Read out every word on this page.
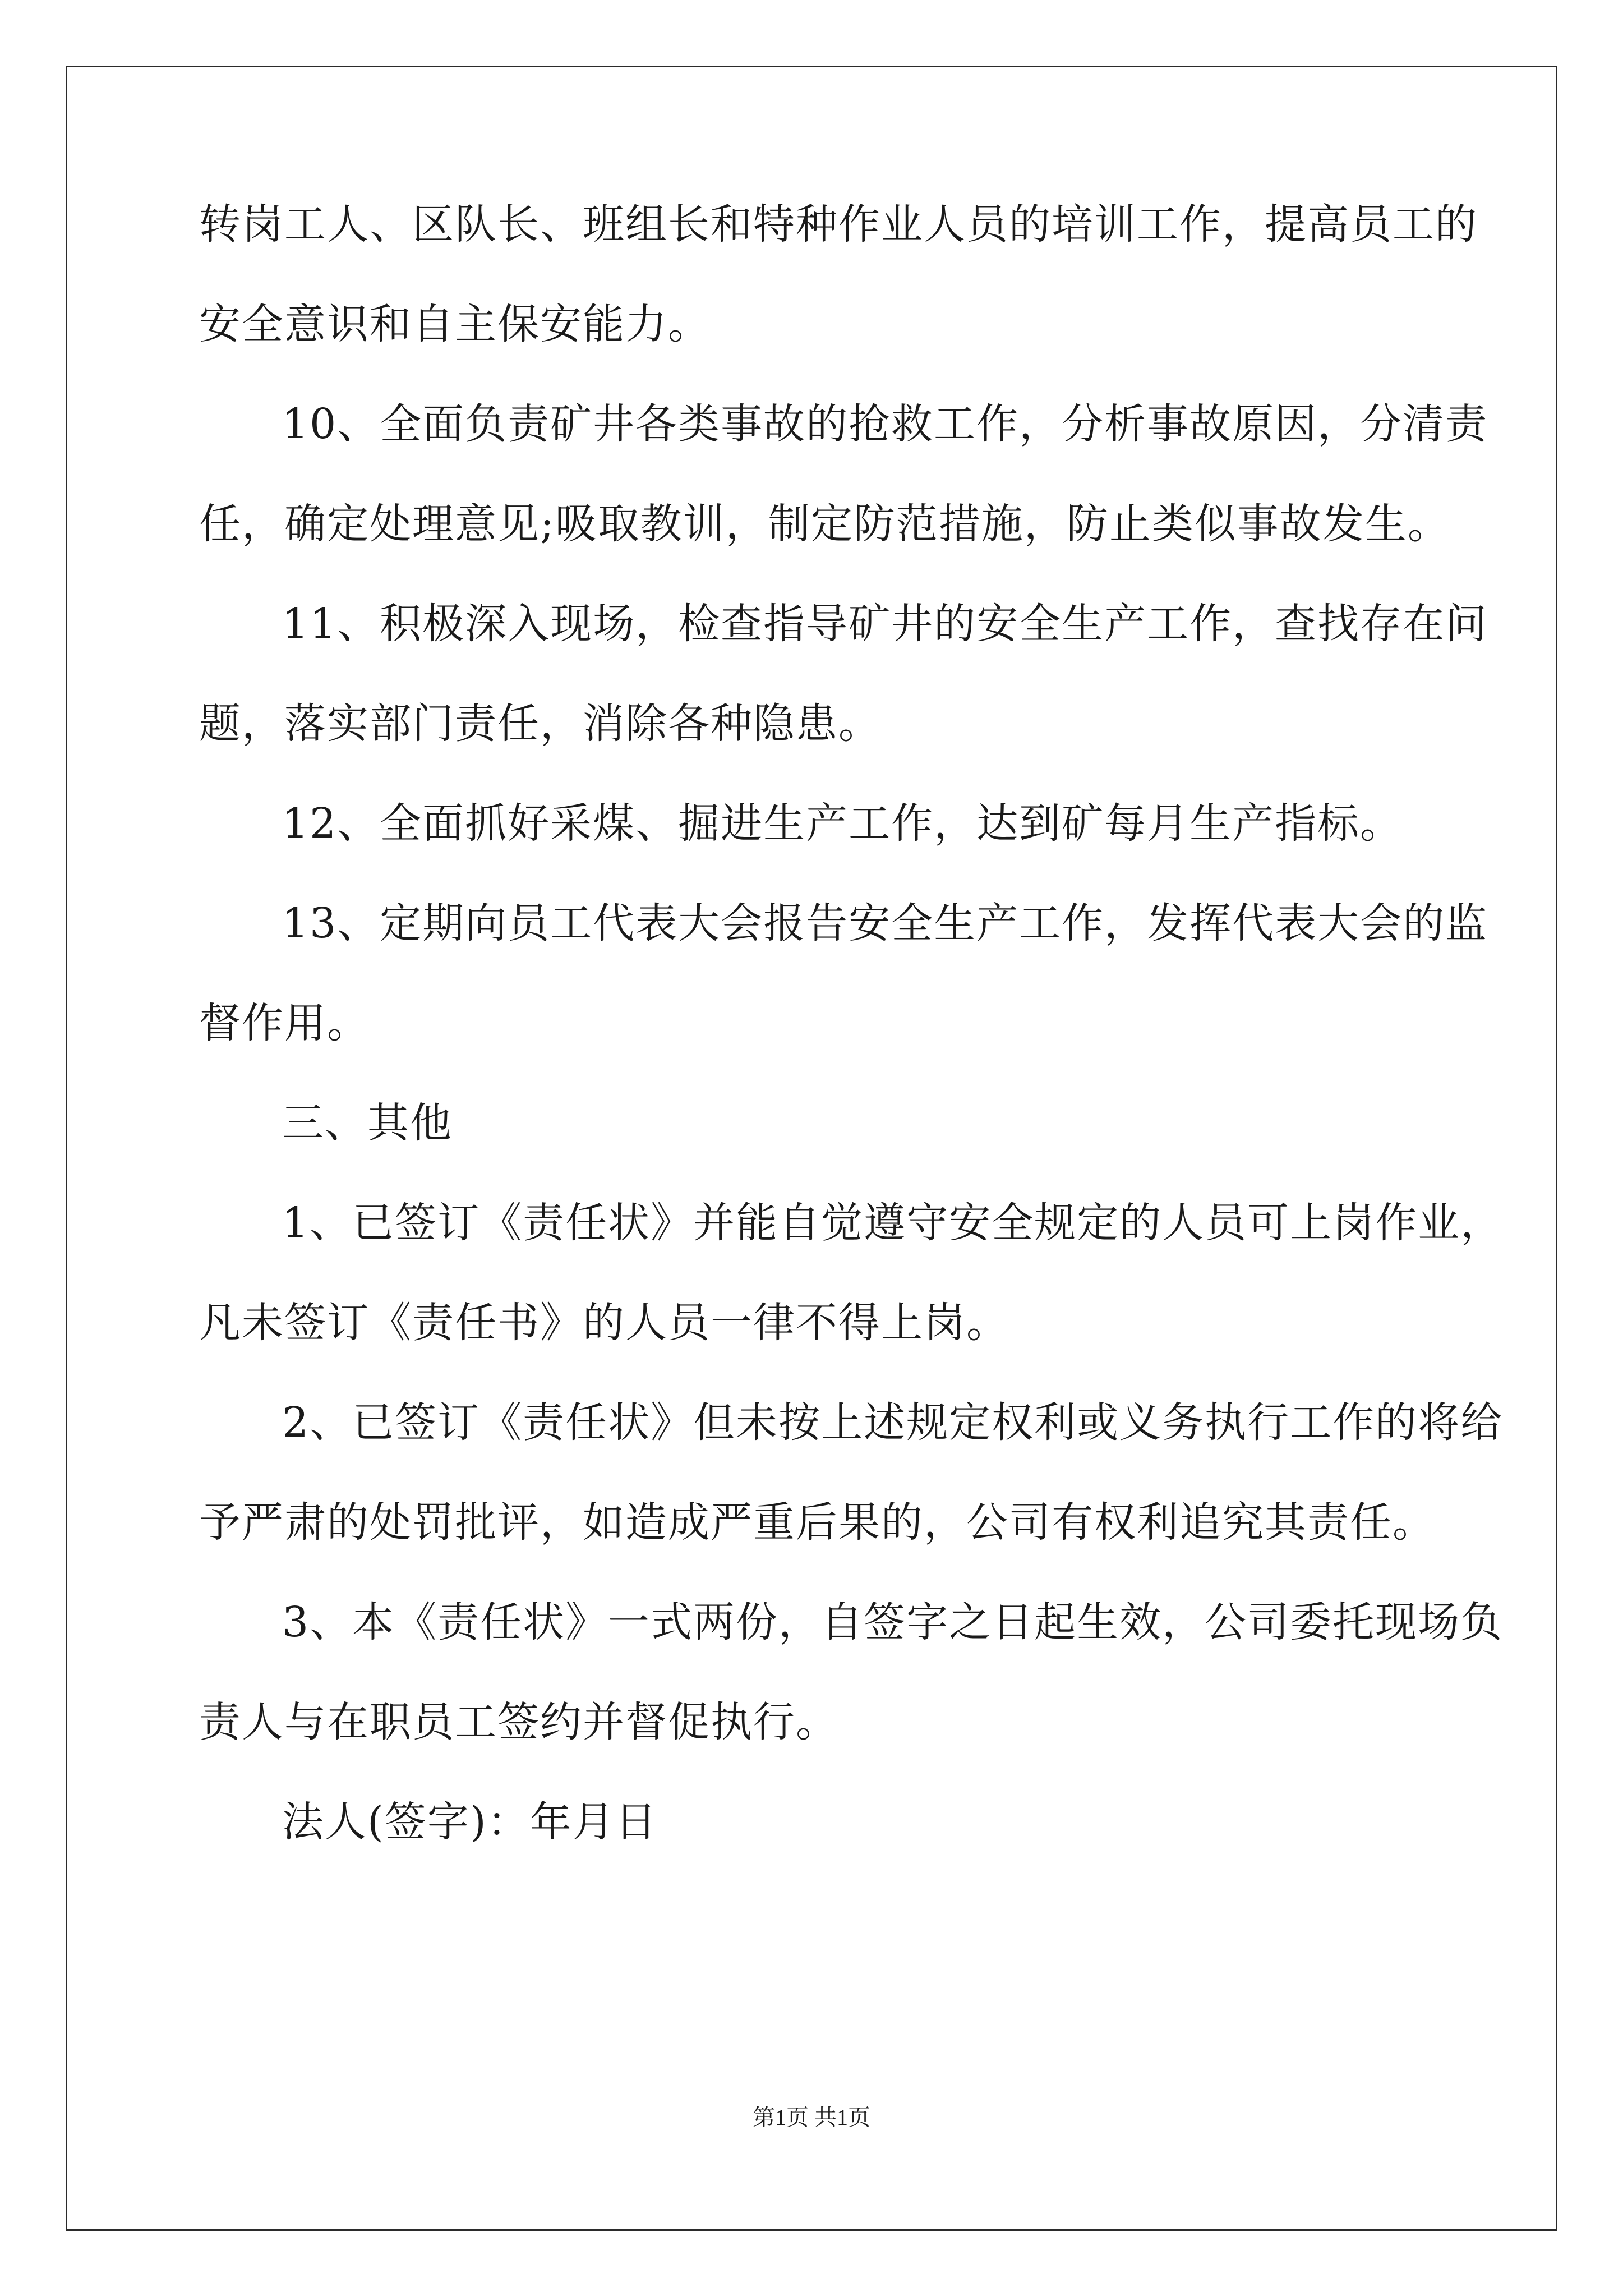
转岗工人、区队长、班组长和特种作业人员的培训工作，提高员工的
安全意识和自主保安能力。
10、全面负责矿井各类事故的抢救工作，分析事故原因，分清责
任，确定处理意见;吸取教训，制定防范措施，防止类似事故发生。
11、积极深入现场，检查指导矿井的安全生产工作，查找存在问
题，落实部门责任，消除各种隐患。
12、全面抓好采煤、掘进生产工作，达到矿每月生产指标。
13、定期向员工代表大会报告安全生产工作，发挥代表大会的监
督作用。
三、其他
1、已签订《责任状》并能自觉遵守安全规定的人员可上岗作业，
凡未签订《责任书》的人员一律不得上岗。
2、已签订《责任状》但未按上述规定权利或义务执行工作的将给
予严肃的处罚批评，如造成严重后果的，公司有权利追究其责任。
3、本《责任状》一式两份，自签字之日起生效，公司委托现场负
责人与在职员工签约并督促执行。
法人(签字)：年月日
第1页 共1页
